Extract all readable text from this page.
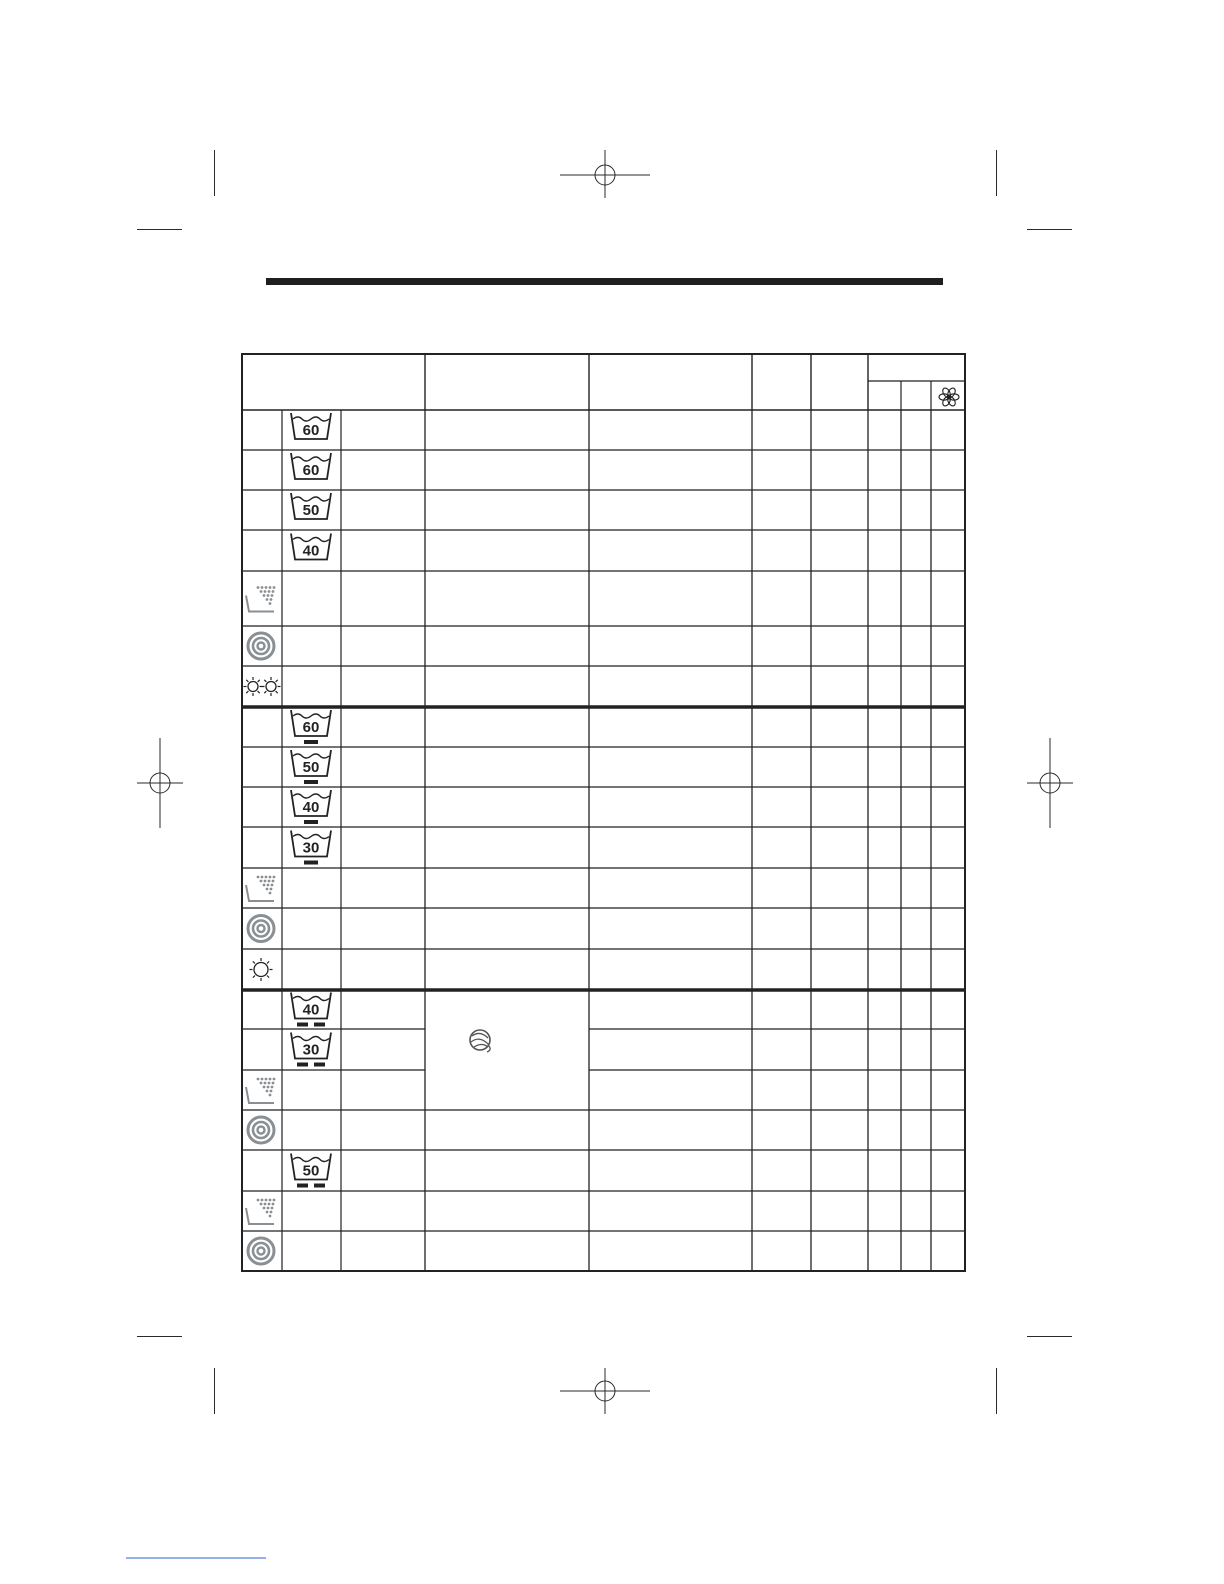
60
60
50
40
60
50
40
30
40
30
50
